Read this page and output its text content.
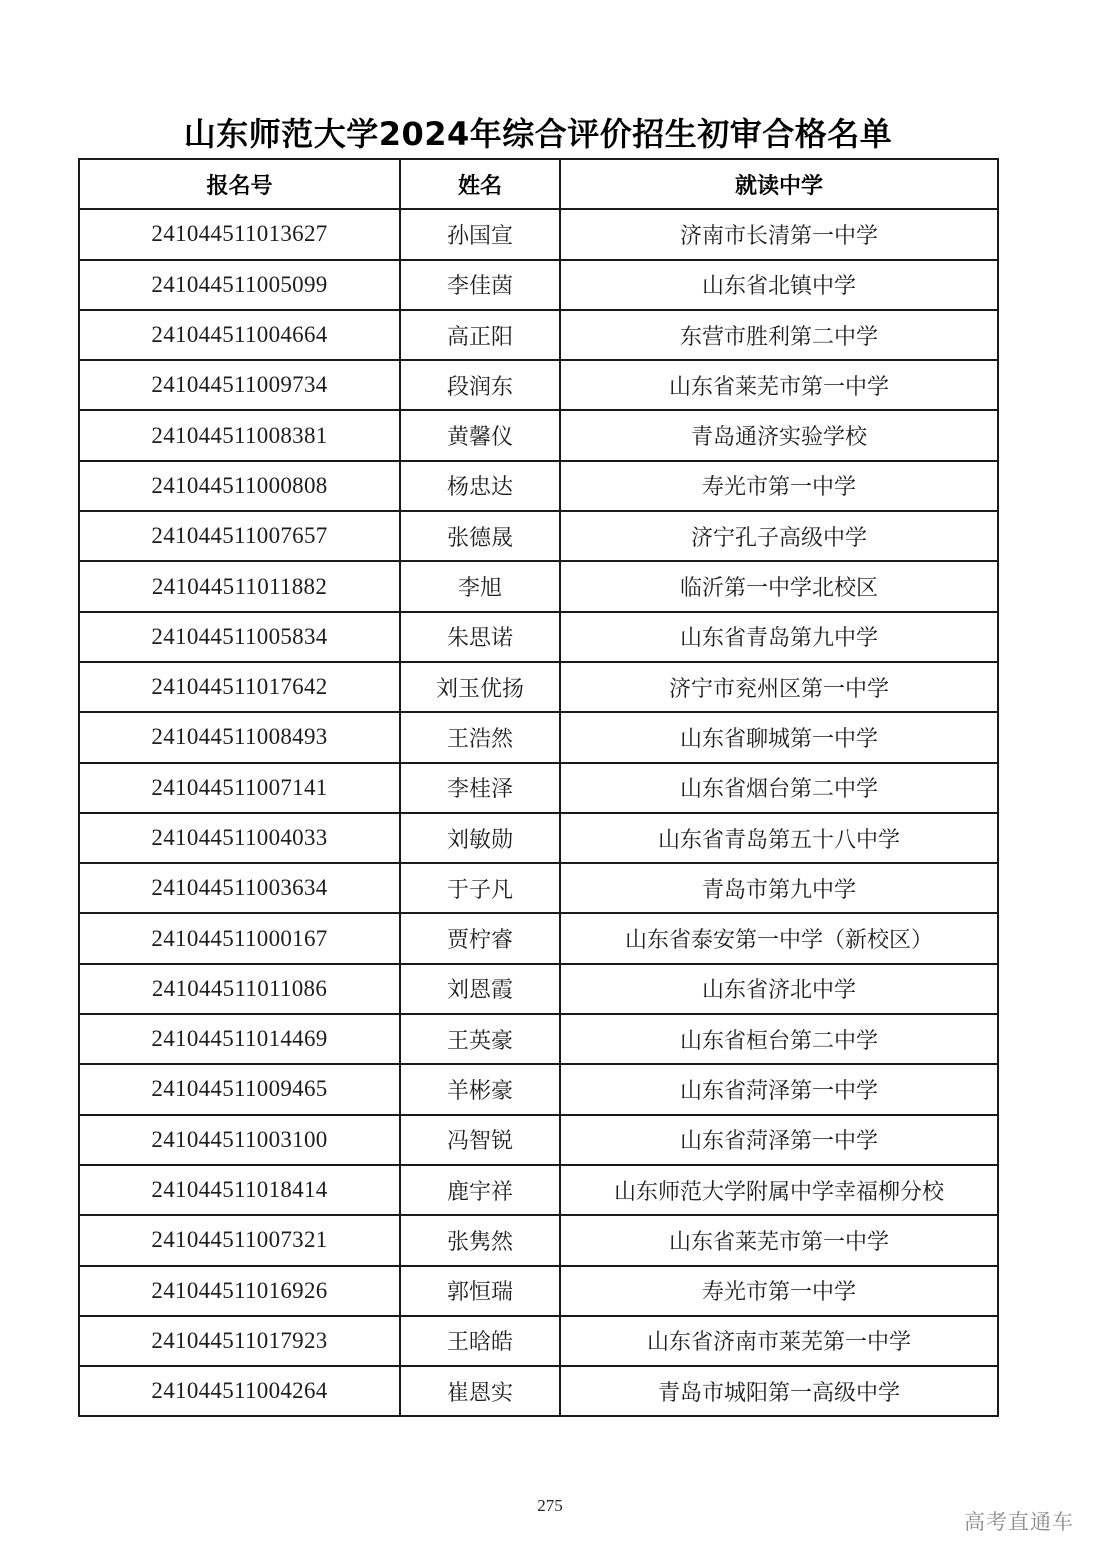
山东师范大学2024年综合评价招生初审合格名单
报名号	姓名	就读中学
241044511013627	孙国宣	济南市长清第一中学
241044511005099	李佳茵	山东省北镇中学
241044511004664	高正阳	东营市胜利第二中学
241044511009734	段润东	山东省莱芜市第一中学
241044511008381	黄馨仪	青岛通济实验学校
241044511000808	杨忠达	寿光市第一中学
241044511007657	张德晟	济宁孔子高级中学
241044511011882	李旭	临沂第一中学北校区
241044511005834	朱思诺	山东省青岛第九中学
241044511017642	刘玉优扬	济宁市兖州区第一中学
241044511008493	王浩然	山东省聊城第一中学
241044511007141	李桂泽	山东省烟台第二中学
241044511004033	刘敏勋	山东省青岛第五十八中学
241044511003634	于子凡	青岛市第九中学
241044511000167	贾柠睿	山东省泰安第一中学（新校区）
241044511011086	刘恩霞	山东省济北中学
241044511014469	王英豪	山东省桓台第二中学
241044511009465	羊彬豪	山东省菏泽第一中学
241044511003100	冯智锐	山东省菏泽第一中学
241044511018414	鹿宇祥	山东师范大学附属中学幸福柳分校
241044511007321	张隽然	山东省莱芜市第一中学
241044511016926	郭恒瑞	寿光市第一中学
241044511017923	王晗皓	山东省济南市莱芜第一中学
241044511004264	崔恩实	青岛市城阳第一高级中学
275
高考直通车
